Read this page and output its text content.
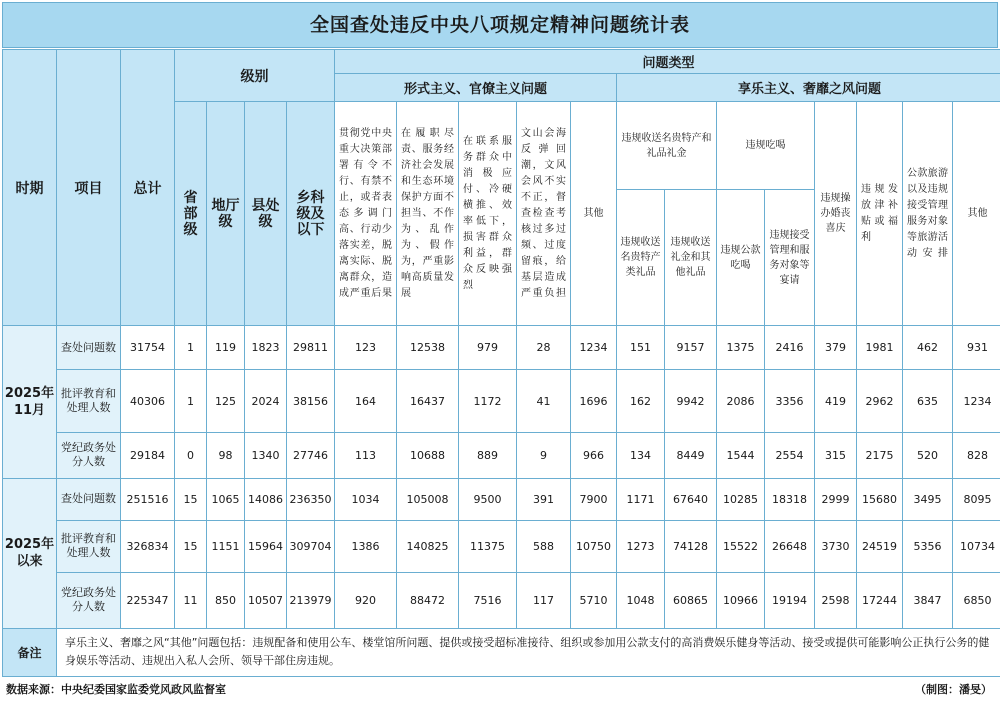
全国查处违反中央八项规定精神问题统计表
时期	项目	总计	级别				问题类型												
							形式主义、官僚主义问题					享乐主义、奢靡之风问题							
			省部级	地厅级	县处级	乡科级及以下	贯彻党中央重大决策部署有令不行、有禁不止，或者表态多调门高、行动少落实差，脱离实际、脱离群众，造成严重后果	在履职尽责、服务经济社会发展和生态环境保护方面不担当、不作为、乱作为、假作为，严重影响高质量发展	在联系服务群众中消极应付、冷硬横推、效率低下，损害群众利益，群众反映强烈	文山会海反弹回潮，文风会风不实不正，督查检查考核过多过频、过度留痕，给基层造成严重负担	其他	违规收送名贵特产和礼品礼金		违规吃喝		违规操办婚丧喜庆	违规发放津补贴或福利	公款旅游以及违规接受管理服务对象等旅游活动安排	其他
												违规收送名贵特产类礼品	违规收送礼金和其他礼品	违规公款吃喝	违规接受管理和服务对象等宴请				
2025年11月	查处问题数	31754	1	119	1823	29811	123	12538	979	28	1234	151	9157	1375	2416	379	1981	462	931
	批评教育和处理人数	40306	1	125	2024	38156	164	16437	1172	41	1696	162	9942	2086	3356	419	2962	635	1234
	党纪政务处分人数	29184	0	98	1340	27746	113	10688	889	9	966	134	8449	1544	2554	315	2175	520	828
2025年以来	查处问题数	251516	15	1065	14086	236350	1034	105008	9500	391	7900	1171	67640	10285	18318	2999	15680	3495	8095
	批评教育和处理人数	326834	15	1151	15964	309704	1386	140825	11375	588	10750	1273	74128	15522	26648	3730	24519	5356	10734
	党纪政务处分人数	225347	11	850	10507	213979	920	88472	7516	117	5710	1048	60865	10966	19194	2598	17244	3847	6850
备注	享乐主义、奢靡之风“其他”问题包括：违规配备和使用公车、楼堂馆所问题、提供或接受超标准接待、组织或参加用公款支付的高消费娱乐健身等活动、接受或提供可能影响公正执行公务的健身娱乐等活动、违规出入私人会所、领导干部住房违规。																		
数据来源：中央纪委国家监委党风政风监督室	（制图：潘旻）
